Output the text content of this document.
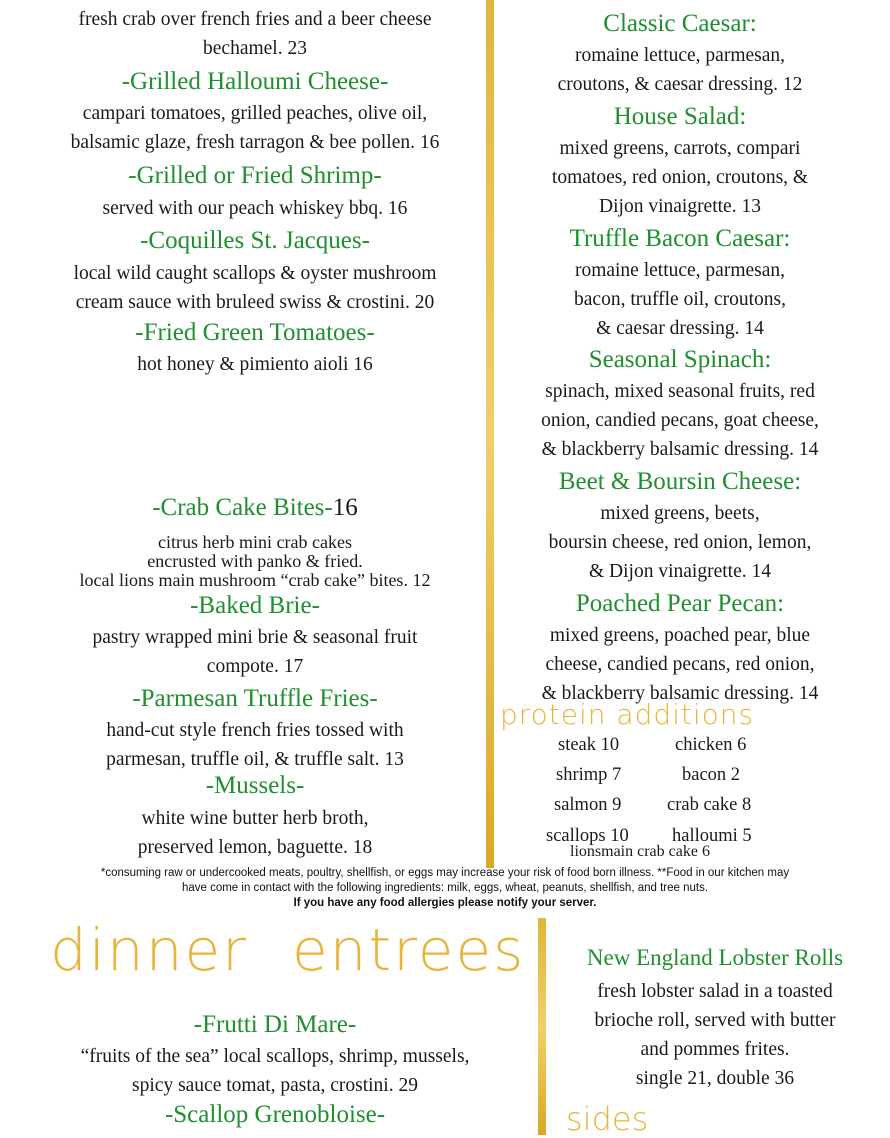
fresh crab over french fries and a beer cheese
bechamel. 23
-Grilled Halloumi Cheese-
campari tomatoes, grilled peaches, olive oil,
balsamic glaze, fresh tarragon & bee pollen. 16
-Grilled or Fried Shrimp-
served with our peach whiskey bbq. 16
-Coquilles St. Jacques-
local wild caught scallops & oyster mushroom
cream sauce with bruleed swiss & crostini. 20
-Fried Green Tomatoes-
hot honey & pimiento aioli 16
-Crab Cake Bites-16
citrus herb mini crab cakes
encrusted with panko & fried.
local lions main mushroom “crab cake” bites. 12
-Baked Brie-
pastry wrapped mini brie & seasonal fruit
compote. 17
-Parmesan Truffle Fries-
hand-cut style french fries tossed with
parmesan, truffle oil, & truffle salt. 13
-Mussels-
white wine butter herb broth,
preserved lemon, baguette. 18
Classic Caesar:
romaine lettuce, parmesan,
croutons, & caesar dressing. 12
House Salad:
mixed greens, carrots, compari
tomatoes, red onion, croutons, &
Dijon vinaigrette. 13
Truffle Bacon Caesar:
romaine lettuce, parmesan,
bacon, truffle oil, croutons,
& caesar dressing. 14
Seasonal Spinach:
spinach, mixed seasonal fruits, red
onion, candied pecans, goat cheese,
& blackberry balsamic dressing. 14
Beet & Boursin Cheese:
mixed greens, beets,
boursin cheese, red onion, lemon,
& Dijon vinaigrette. 14
Poached Pear Pecan:
mixed greens, poached pear, blue
cheese, candied pecans, red onion,
& blackberry balsamic dressing. 14
protein additions
steak 10	chicken 6
shrimp 7	bacon 2
salmon 9 crab cake 8
scallops 10 halloumi 5
lionsmain crab cake 6
*consuming raw or undercooked meats, poultry, shellfish, or eggs may increase your risk of food born illness. **Food in our kitchen may
have come in contact with the following ingredients: milk, eggs, wheat, peanuts, shellfish, and tree nuts.
If you have any food allergies please notify your server.
dinner entrees
-Frutti Di Mare-
“fruits of the sea” local scallops, shrimp, mussels,
spicy sauce tomat, pasta, crostini. 29
-Scallop Grenobloise-
New England Lobster Rolls
fresh lobster salad in a toasted
brioche roll, served with butter
and pommes frites.
single 21, double 36
sides
